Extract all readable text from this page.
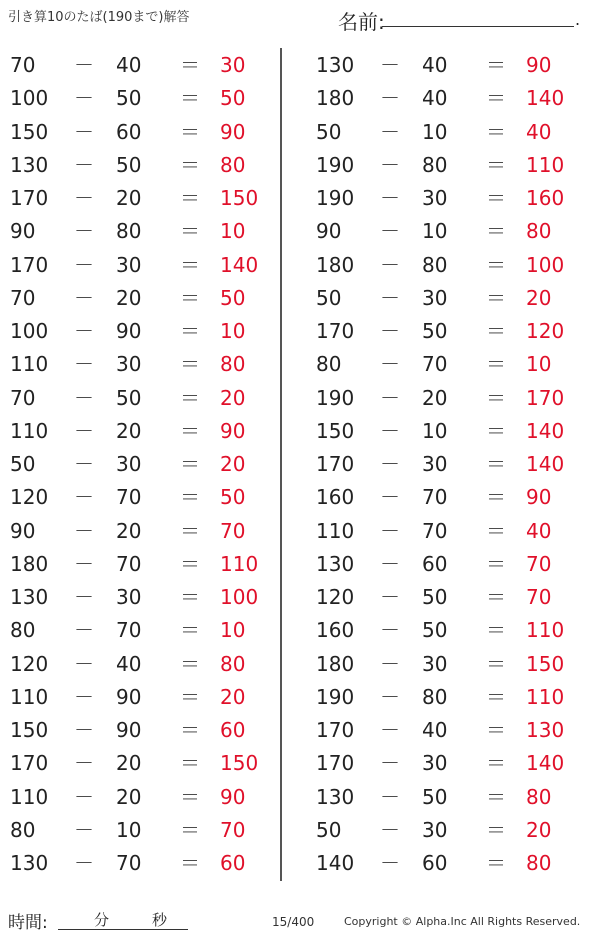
引き算10のたば(190まで)解答	名前:	.
70	－ 40	＝ 30
100 － 50	＝ 50
150 － 60	＝ 90
130 － 50	＝ 80
170 － 20	＝ 150
90	－ 80	＝ 10
170 － 30	＝ 140
70	－ 20	＝ 50
100 － 90	＝ 10
110 － 30	＝ 80
70	－ 50	＝ 20
110 － 20	＝ 90
50	－ 30	＝ 20
120 － 70	＝ 50
90	－ 20	＝ 70
180 － 70	＝ 110
130 － 30	＝ 100
80	－ 70	＝ 10
120 － 40	＝ 80
110 － 90	＝ 20
150 － 90	＝ 60
170 － 20	＝ 150
110 － 20	＝ 90
80	－ 10	＝ 70
130 － 70	＝ 60
130 － 40	＝ 90
180 － 40	＝ 140
50	－ 10	＝ 40
190 － 80	＝ 110
190 － 30	＝ 160
90	－ 10	＝ 80
180 － 80	＝ 100
50	－ 30	＝ 20
170 － 50	＝ 120
80	－ 70	＝ 10
190 － 20	＝ 170
150 － 10	＝ 140
170 － 30	＝ 140
160 － 70	＝ 90
110 － 70	＝ 40
130 － 60	＝ 70
120 － 50	＝ 70
160 － 50	＝ 110
180 － 30	＝ 150
190 － 80	＝ 110
170 － 40	＝ 130
170 － 30	＝ 140
130 － 50	＝ 80
50	－ 30	＝ 20
140 － 60	＝ 80
時間:	分	秒	15/400	Copyright © Alpha.Inc All Rights Reserved.
